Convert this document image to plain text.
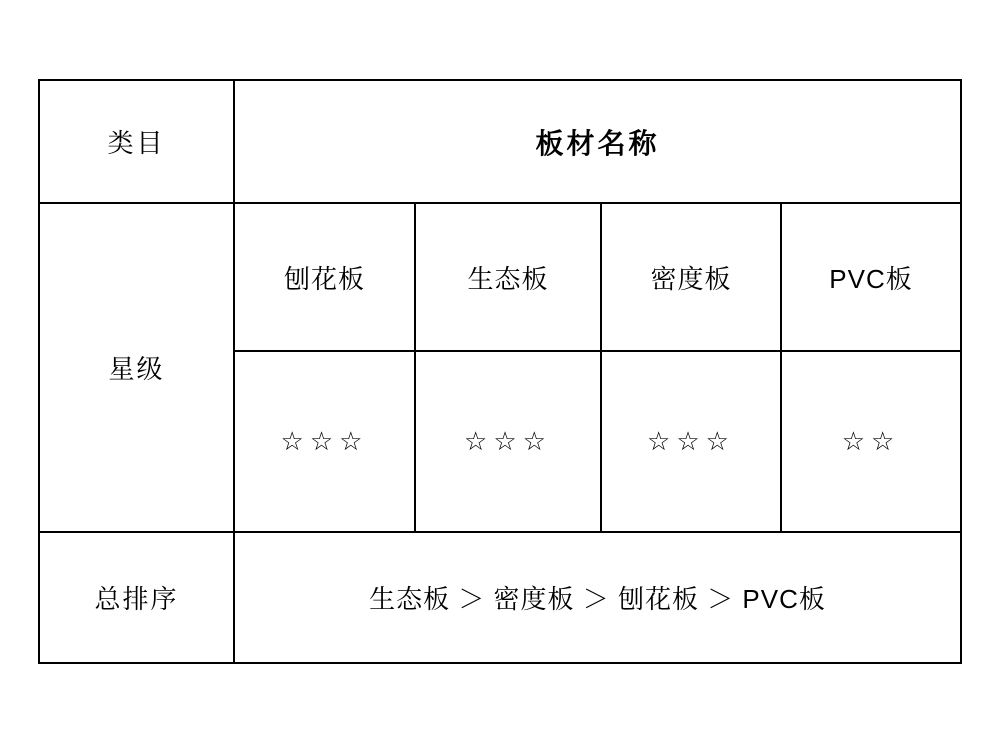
类目	板材名称			
星级	刨花板	生态板	密度板	PVC板
	☆☆☆	☆☆☆	☆☆☆	☆☆
总排序	生态板 ＞ 密度板 ＞ 刨花板 ＞ PVC板			
